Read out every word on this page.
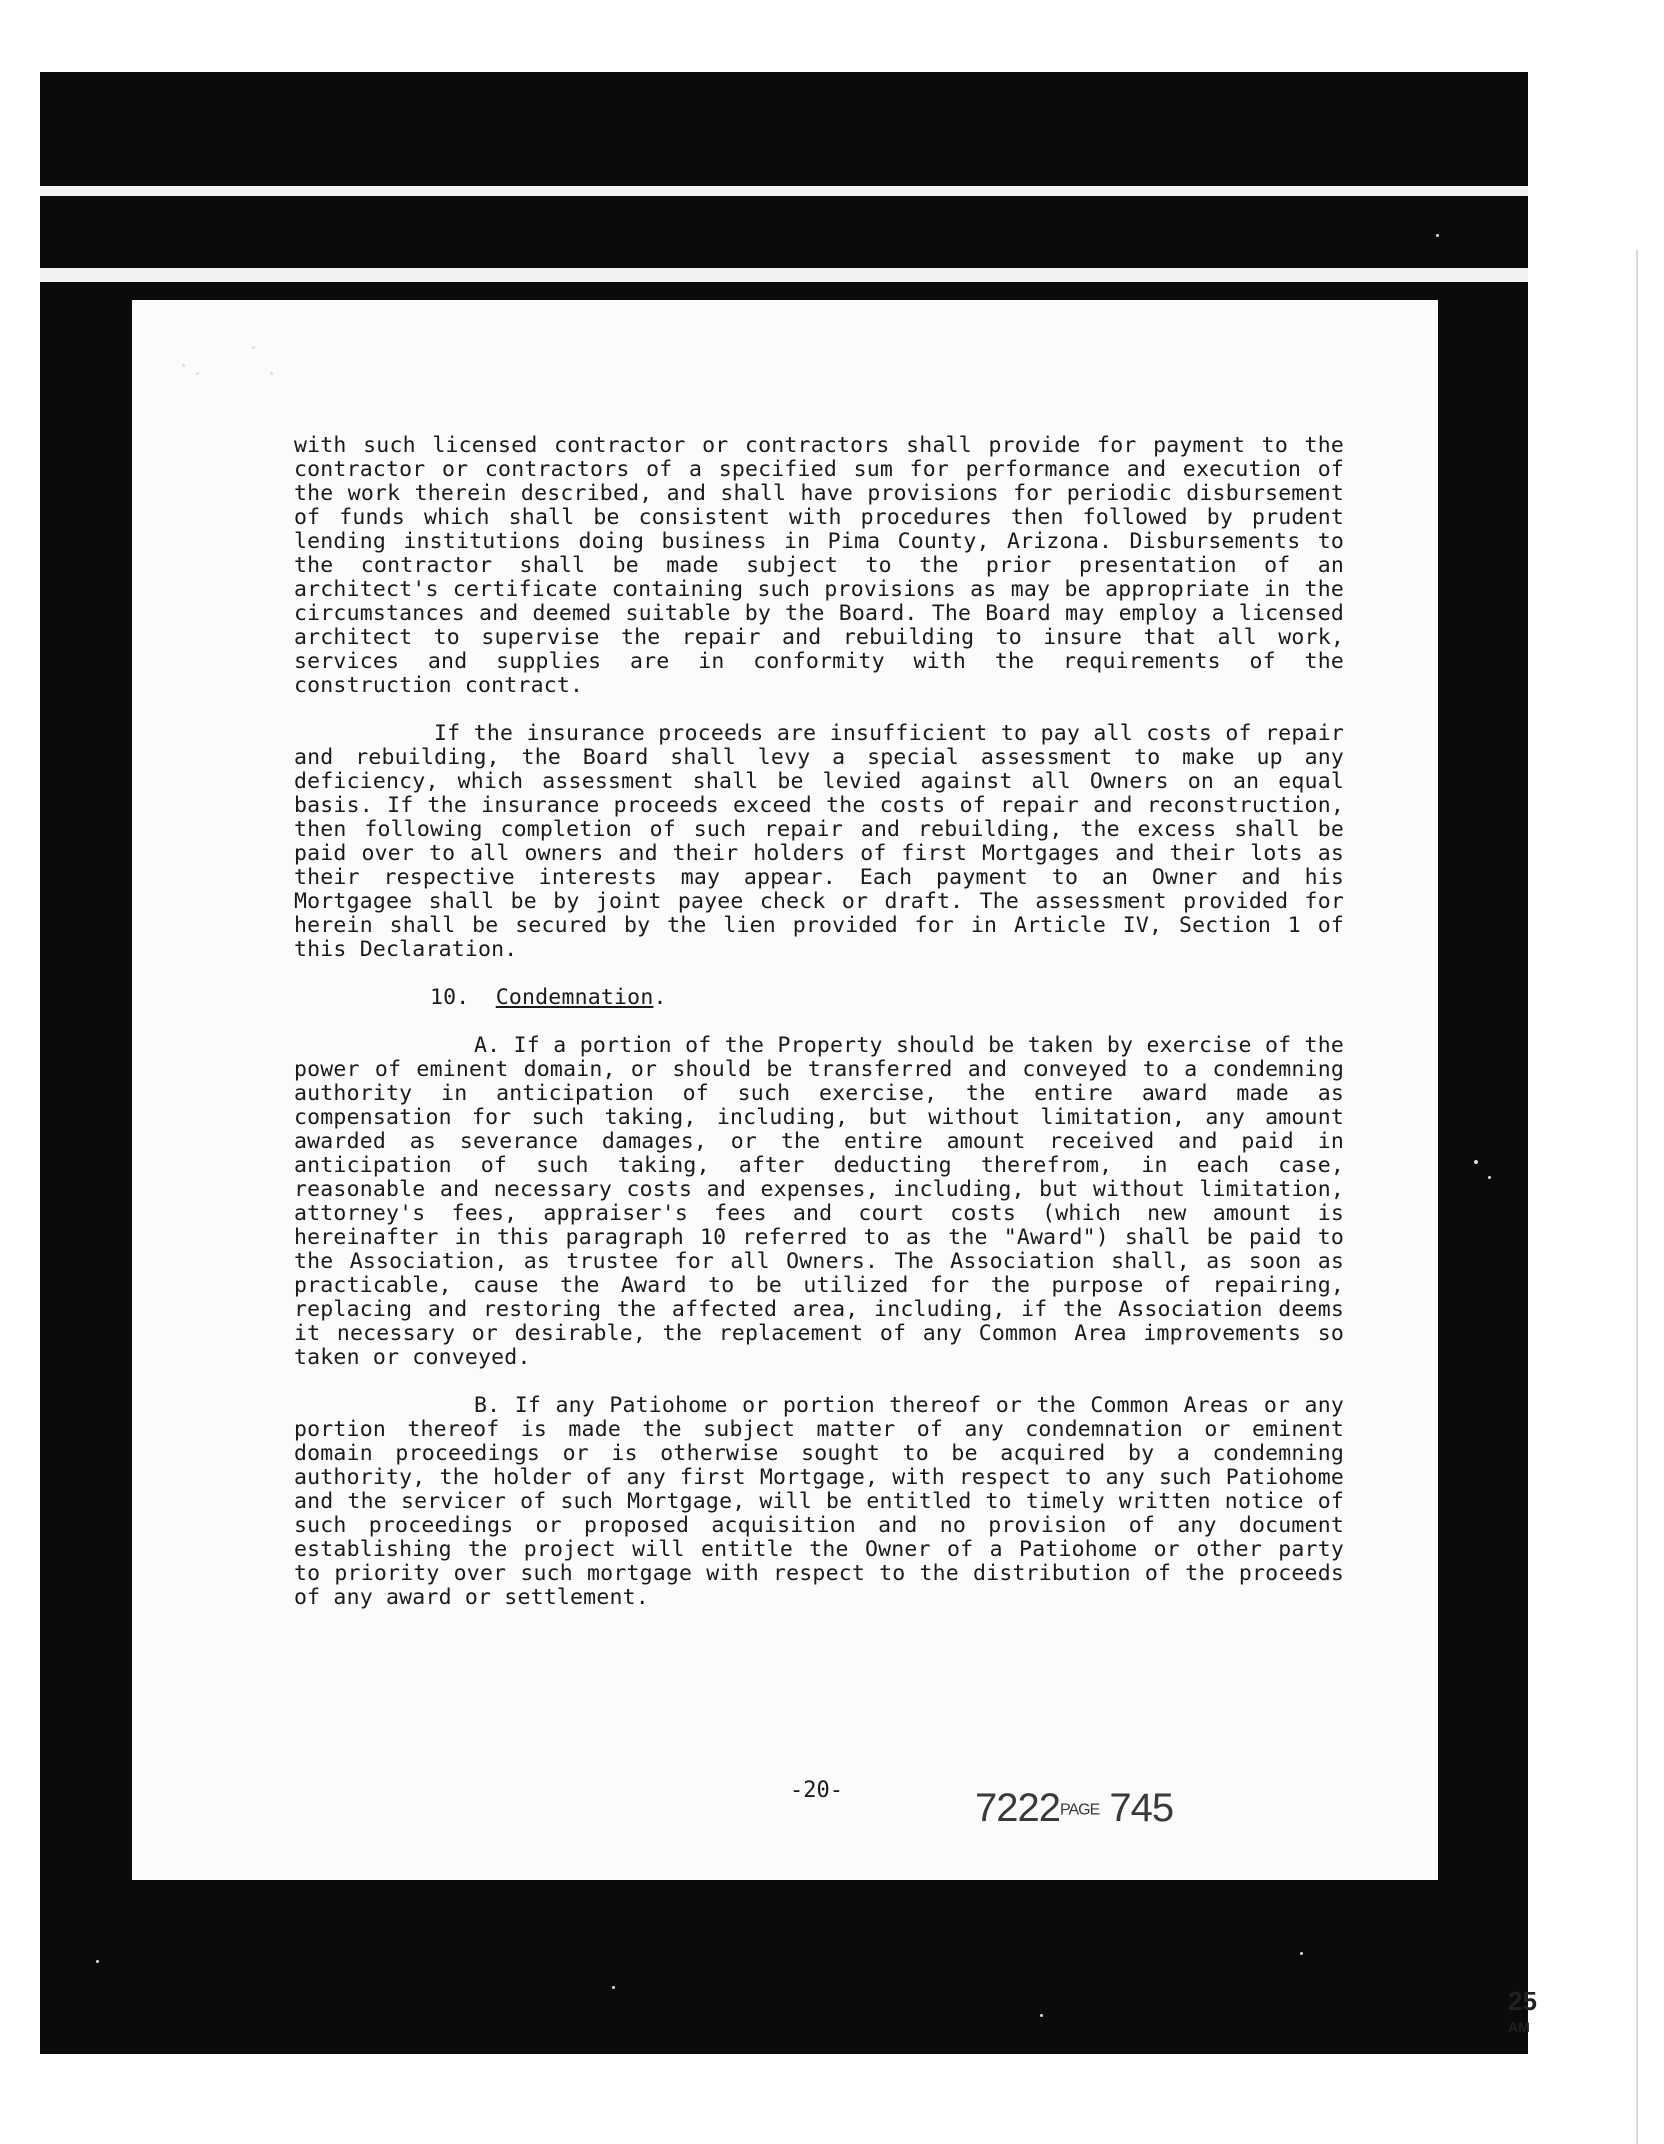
with such licensed contractor or contractors shall provide for payment to the contractor or contractors of a specified sum for performance and execution of the work therein described, and shall have provisions for periodic disbursement of funds which shall be consistent with procedures then followed by prudent lending institutions doing business in Pima County, Arizona. Disbursements to the contractor shall be made subject to the prior presentation of an architect's certificate containing such provisions as may be appropriate in the circumstances and deemed suitable by the Board. The Board may employ a licensed architect to supervise the repair and rebuilding to insure that all work, services and supplies are in conformity with the requirements of the construction contract.

If the insurance proceeds are insufficient to pay all costs of repair and rebuilding, the Board shall levy a special assessment to make up any deficiency, which assessment shall be levied against all Owners on an equal basis. If the insurance proceeds exceed the costs of repair and reconstruction, then following completion of such repair and rebuilding, the excess shall be paid over to all owners and their holders of first Mortgages and their lots as their respective interests may appear. Each payment to an Owner and his Mortgagee shall be by joint payee check or draft. The assessment provided for herein shall be secured by the lien provided for in Article IV, Section 1 of this Declaration.

10. Condemnation.

A. If a portion of the Property should be taken by exercise of the power of eminent domain, or should be transferred and conveyed to a condemning authority in anticipation of such exercise, the entire award made as compensation for such taking, including, but without limitation, any amount awarded as severance damages, or the entire amount received and paid in anticipation of such taking, after deducting therefrom, in each case, reasonable and necessary costs and expenses, including, but without limitation, attorney's fees, appraiser's fees and court costs (which new amount is hereinafter in this paragraph 10 referred to as the "Award") shall be paid to the Association, as trustee for all Owners. The Association shall, as soon as practicable, cause the Award to be utilized for the purpose of repairing, replacing and restoring the affected area, including, if the Association deems it necessary or desirable, the replacement of any Common Area improvements so taken or conveyed.

B. If any Patiohome or portion thereof or the Common Areas or any portion thereof is made the subject matter of any condemnation or eminent domain proceedings or is otherwise sought to be acquired by a condemning authority, the holder of any first Mortgage, with respect to any such Patiohome and the servicer of such Mortgage, will be entitled to timely written notice of such proceedings or proposed acquisition and no provision of any document establishing the project will entitle the Owner of a Patiohome or other party to priority over such mortgage with respect to the distribution of the proceeds of any award or settlement.

-20-	7222PAGE 745
25
AM
